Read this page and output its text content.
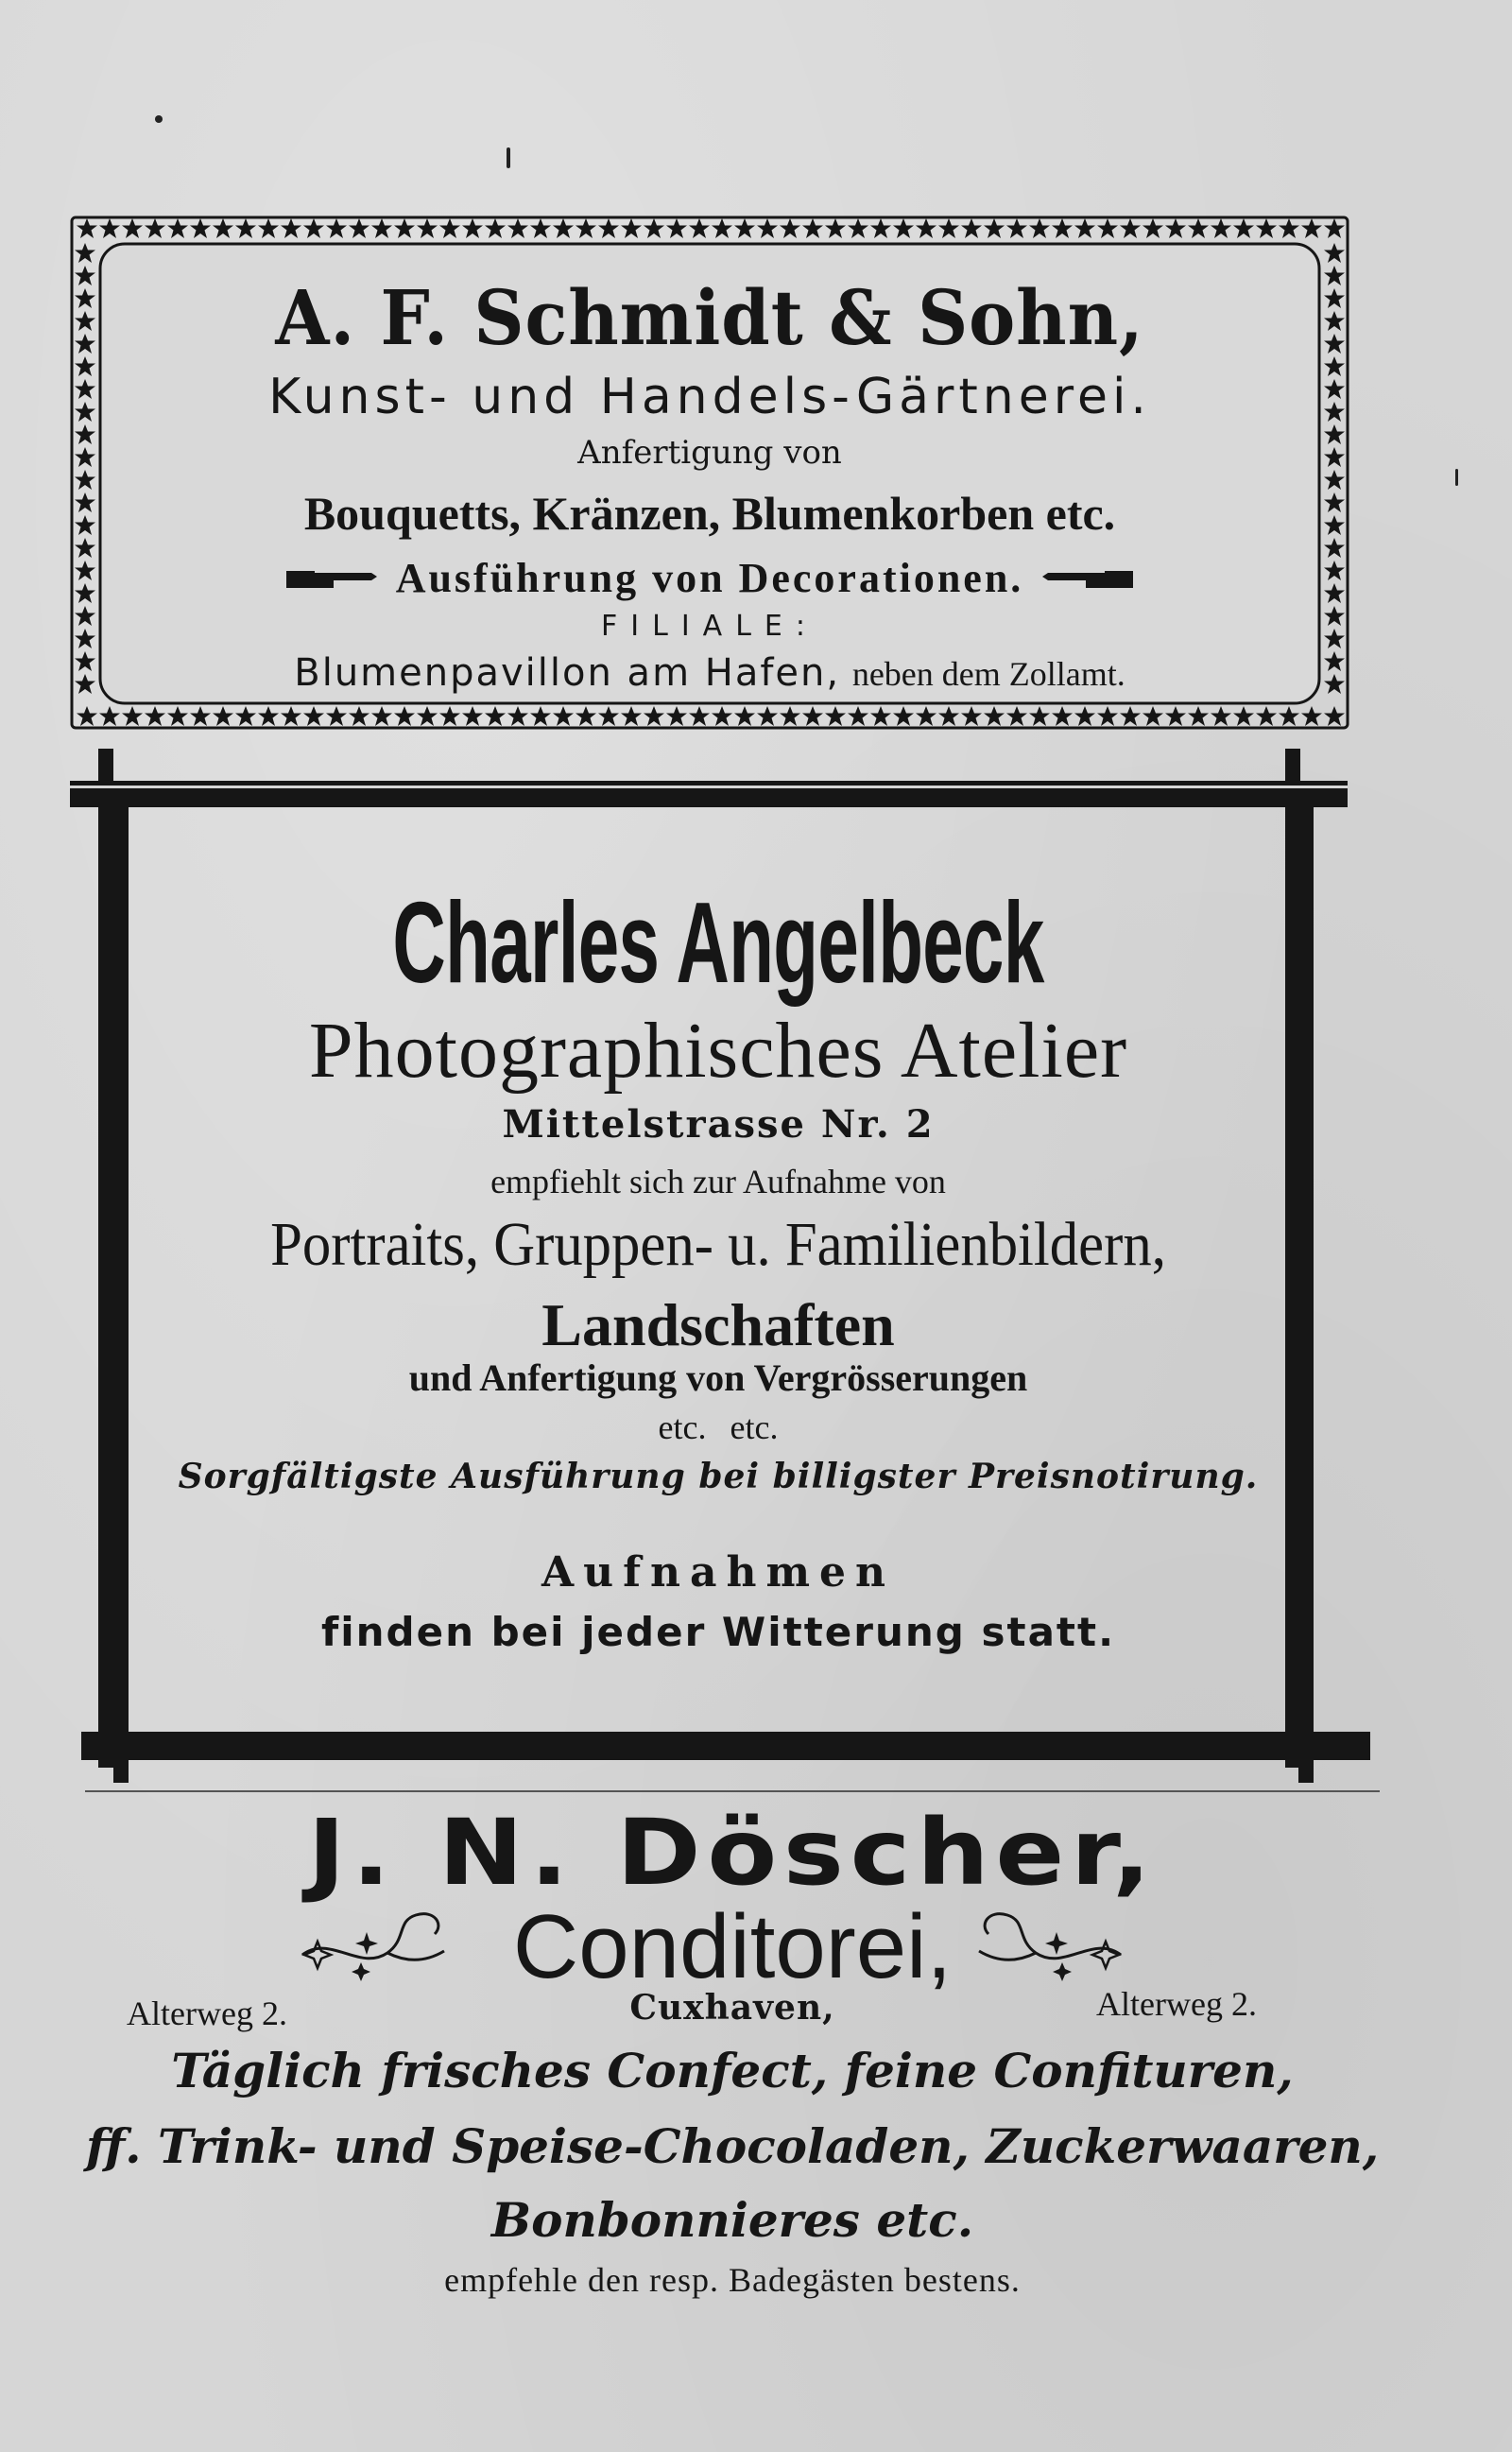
A. F. Schmidt & Sohn,
Kunst- und Handels-Gärtnerei.
Anfertigung von
Bouquetts, Kränzen, Blumenkorben etc.
Ausführung von Decorationen.
FILIALE:
Blumenpavillon am Hafen, neben dem Zollamt.
Charles Angelbeck
Photographisches Atelier
Mittelstrasse Nr. 2
empfiehlt sich zur Aufnahme von
Portraits, Gruppen- u. Familienbildern,
Landschaften
und Anfertigung von Vergrösserungen
etc. etc.
Sorgfältigste Ausführung bei billigster Preisnotirung.
Aufnahmen
finden bei jeder Witterung statt.
J. N. Döscher,
Conditorei,
Alterweg 2.	Cuxhaven,	Alterweg 2.
Täglich frisches Confect, feine Confituren,
ff. Trink- und Speise-Chocoladen, Zuckerwaaren,
Bonbonnieres etc.
empfehle den resp. Badegästen bestens.
